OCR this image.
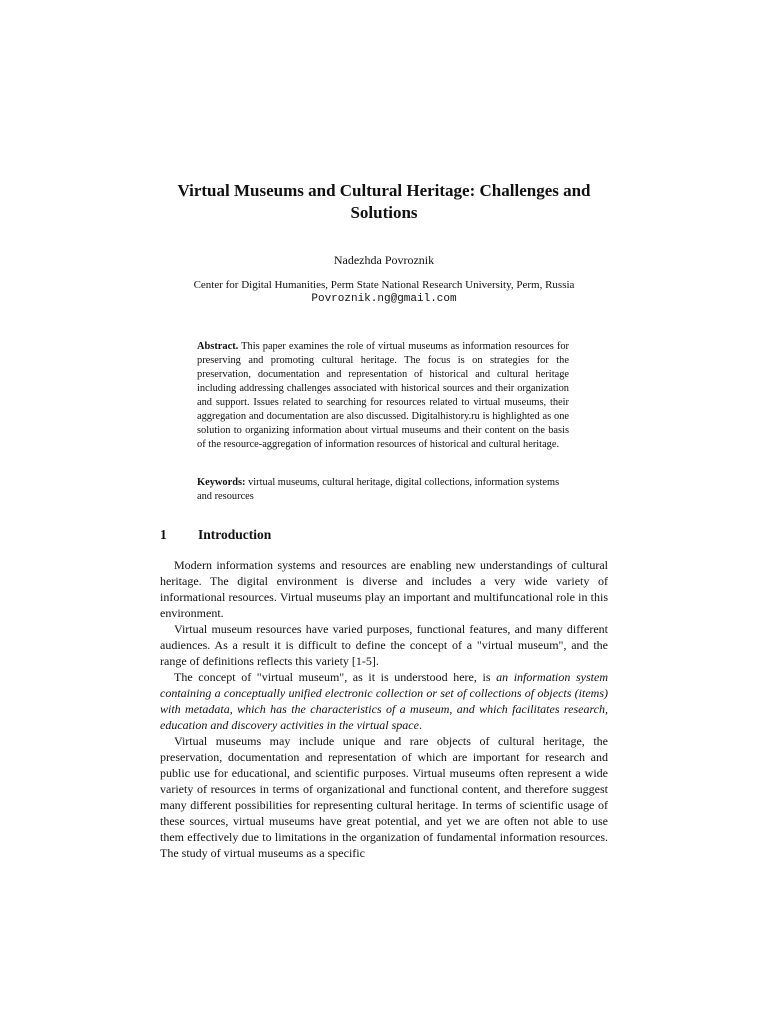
Virtual Museums and Cultural Heritage: Challenges and Solutions
Nadezhda Povroznik
Center for Digital Humanities, Perm State National Research University, Perm, Russia
Povroznik.ng@gmail.com
Abstract. This paper examines the role of virtual museums as information resources for preserving and promoting cultural heritage. The focus is on strategies for the preservation, documentation and representation of historical and cultural heritage including addressing challenges associated with historical sources and their organization and support. Issues related to searching for resources related to virtual museums, their aggregation and documentation are also discussed. Digitalhistory.ru is highlighted as one solution to organizing information about virtual museums and their content on the basis of the resource-aggregation of information resources of historical and cultural heritage.
Keywords: virtual museums, cultural heritage, digital collections, information systems and resources
1 Introduction

Modern information systems and resources are enabling new understandings of cultural heritage. The digital environment is diverse and includes a very wide variety of informational resources. Virtual museums play an important and multifuncational role in this environment.

Virtual museum resources have varied purposes, functional features, and many different audiences. As a result it is difficult to define the concept of a "virtual museum", and the range of definitions reflects this variety [1-5].

The concept of "virtual museum", as it is understood here, is an information system containing a conceptually unified electronic collection or set of collections of objects (items) with metadata, which has the characteristics of a museum, and which facilitates research, education and discovery activities in the virtual space.

Virtual museums may include unique and rare objects of cultural heritage, the preservation, documentation and representation of which are important for research and public use for educational, and scientific purposes. Virtual museums often represent a wide variety of resources in terms of organizational and functional content, and therefore suggest many different possibilities for representing cultural heritage. In terms of scientific usage of these sources, virtual museums have great potential, and yet we are often not able to use them effectively due to limitations in the organization of fundamental information resources. The study of virtual museums as a specific
